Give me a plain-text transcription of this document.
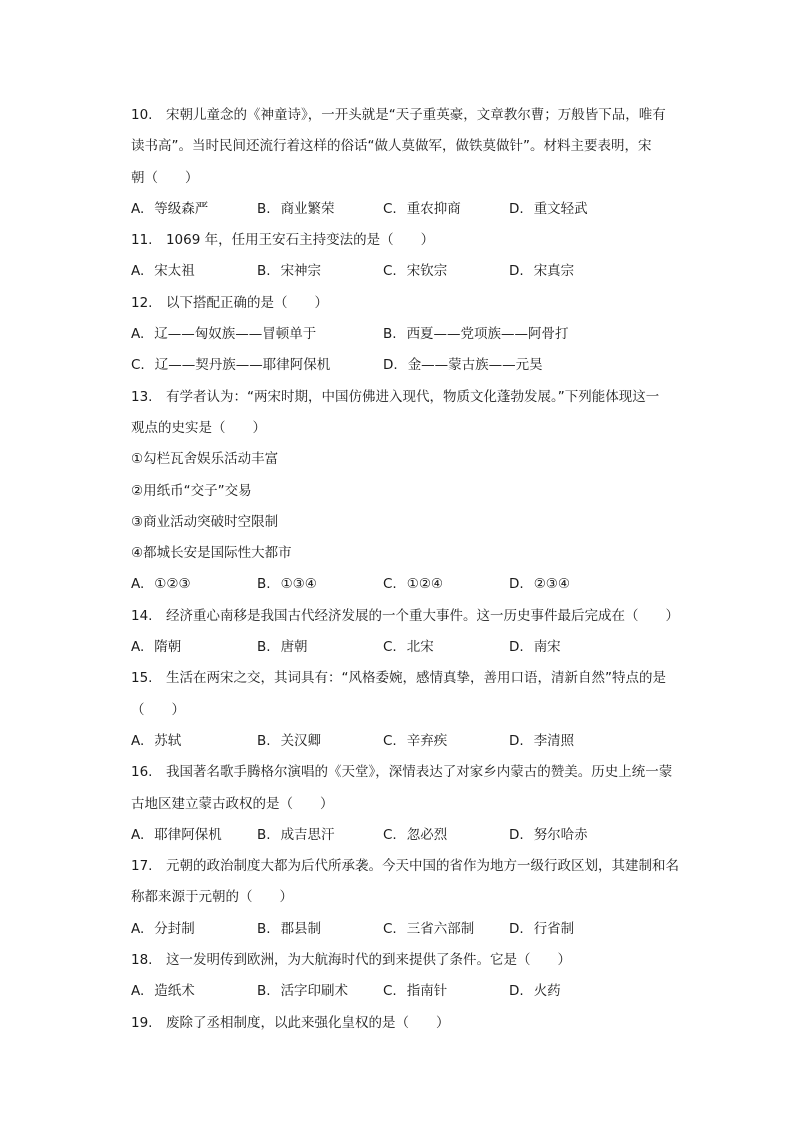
10.　宋朝儿童念的《神童诗》，一开头就是“天子重英豪，文章教尔曹；万般皆下品，唯有
读书高”。当时民间还流行着这样的俗话“做人莫做军，做铁莫做针”。材料主要表明，宋
朝（　　）
A. 等级森严	B. 商业繁荣	C. 重农抑商	D. 重文轻武
11.　1069 年，任用王安石主持变法的是（　　）
A. 宋太祖	B. 宋神宗	C. 宋钦宗	D. 宋真宗
12.　以下搭配正确的是（　　）
A. 辽——匈奴族——冒顿单于	B. 西夏——党项族——阿骨打
C. 辽——契丹族——耶律阿保机	D. 金——蒙古族——元昊
13.　有学者认为：“两宋时期，中国仿佛进入现代，物质文化蓬勃发展。”下列能体现这一
观点的史实是（　　）
①勾栏瓦舍娱乐活动丰富
②用纸币“交子”交易
③商业活动突破时空限制
④都城长安是国际性大都市
A. ①②③	B. ①③④	C. ①②④	D. ②③④
14.　经济重心南移是我国古代经济发展的一个重大事件。这一历史事件最后完成在（　　）
A. 隋朝	B. 唐朝	C. 北宋	D. 南宋
15.　生活在两宋之交，其词具有：“风格委婉，感情真挚，善用口语，清新自然”特点的是
（　　）
A. 苏轼	B. 关汉卿	C. 辛弃疾	D. 李清照
16.　我国著名歌手腾格尔演唱的《天堂》，深情表达了对家乡内蒙古的赞美。历史上统一蒙
古地区建立蒙古政权的是（　　）
A. 耶律阿保机	B. 成吉思汗	C. 忽必烈	D. 努尔哈赤
17.　元朝的政治制度大都为后代所承袭。今天中国的省作为地方一级行政区划，其建制和名
称都来源于元朝的（　　）
A. 分封制	B. 郡县制	C. 三省六部制	D. 行省制
18.　这一发明传到欧洲，为大航海时代的到来提供了条件。它是（　　）
A. 造纸术	B. 活字印刷术	C. 指南针	D. 火药
19.　废除了丞相制度，以此来强化皇权的是（　　）
